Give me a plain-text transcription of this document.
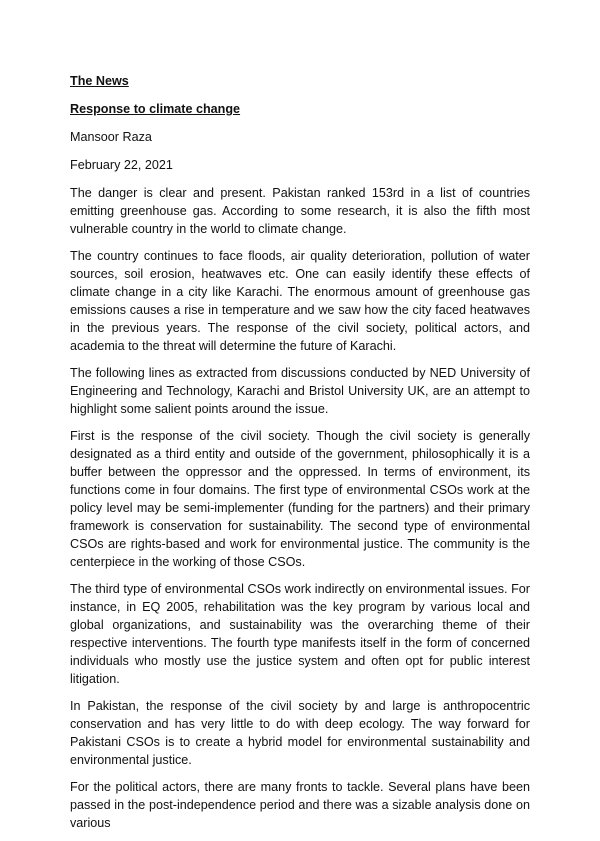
The News

Response to climate change

Mansoor Raza

February 22, 2021

The danger is clear and present. Pakistan ranked 153rd in a list of countries emitting greenhouse gas. According to some research, it is also the fifth most vulnerable country in the world to climate change.

The country continues to face floods, air quality deterioration, pollution of water sources, soil erosion, heatwaves etc. One can easily identify these effects of climate change in a city like Karachi. The enormous amount of greenhouse gas emissions causes a rise in temperature and we saw how the city faced heatwaves in the previous years. The response of the civil society, political actors, and academia to the threat will determine the future of Karachi.

The following lines as extracted from discussions conducted by NED University of Engineering and Technology, Karachi and Bristol University UK, are an attempt to highlight some salient points around the issue.

First is the response of the civil society. Though the civil society is generally designated as a third entity and outside of the government, philosophically it is a buffer between the oppressor and the oppressed. In terms of environment, its functions come in four domains. The first type of environmental CSOs work at the policy level may be semi-implementer (funding for the partners) and their primary framework is conservation for sustainability. The second type of environmental CSOs are rights-based and work for environmental justice. The community is the centerpiece in the working of those CSOs.

The third type of environmental CSOs work indirectly on environmental issues. For instance, in EQ 2005, rehabilitation was the key program by various local and global organizations, and sustainability was the overarching theme of their respective interventions. The fourth type manifests itself in the form of concerned individuals who mostly use the justice system and often opt for public interest litigation.

In Pakistan, the response of the civil society by and large is anthropocentric conservation and has very little to do with deep ecology. The way forward for Pakistani CSOs is to create a hybrid model for environmental sustainability and environmental justice.

For the political actors, there are many fronts to tackle. Several plans have been passed in the post-independence period and there was a sizable analysis done on various
